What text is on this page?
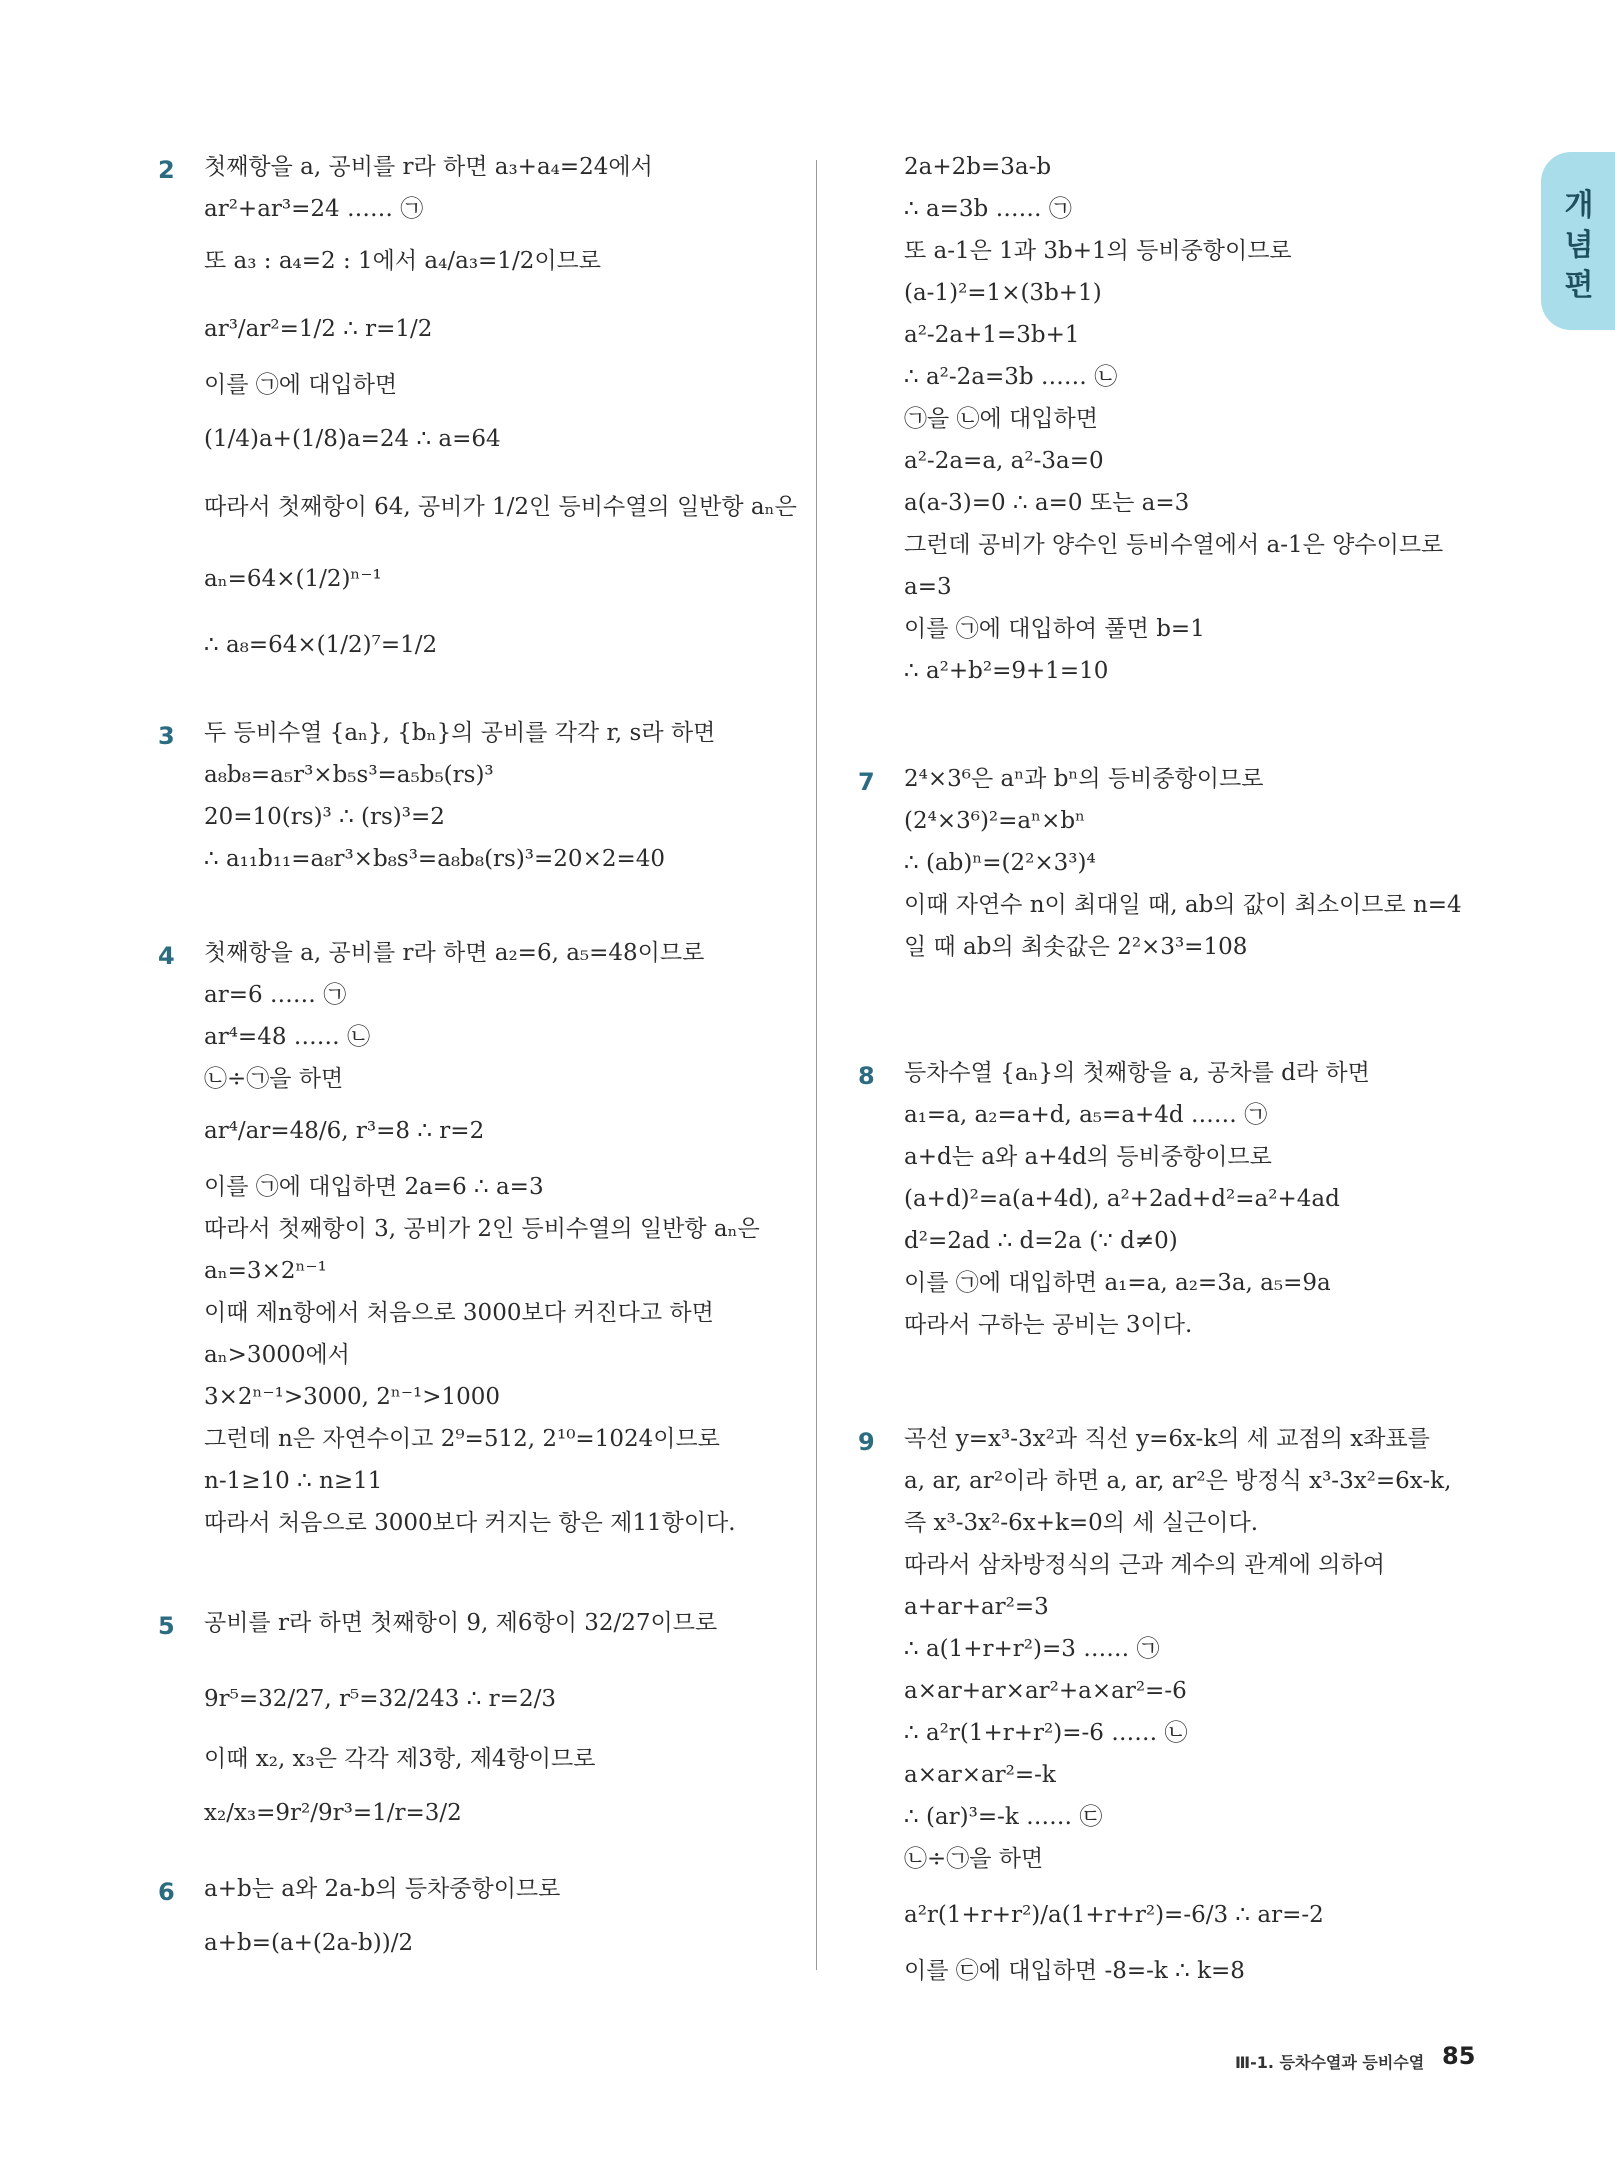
개념편
2 첫째항을 a, 공비를 r라 하면 a₃+a₄=24에서
ar²+ar³=24 …… ㉠
또 a₃ : a₄=2 : 1에서 a₄/a₃=1/2이므로
ar³/ar²=1/2 ∴ r=1/2
이를 ㉠에 대입하면
(1/4)a+(1/8)a=24 ∴ a=64
따라서 첫째항이 64, 공비가 1/2인 등비수열의 일반항 aₙ은
aₙ=64×(1/2)ⁿ⁻¹
∴ a₈=64×(1/2)⁷=1/2
3 두 등비수열 {aₙ}, {bₙ}의 공비를 각각 r, s라 하면
a₈b₈=a₅r³×b₅s³=a₅b₅(rs)³
20=10(rs)³ ∴ (rs)³=2
∴ a₁₁b₁₁=a₈r³×b₈s³=a₈b₈(rs)³=20×2=40
4 첫째항을 a, 공비를 r라 하면 a₂=6, a₅=48이므로
ar=6 …… ㉠
ar⁴=48 …… ㉡
㉡÷㉠을 하면
ar⁴/ar=48/6, r³=8 ∴ r=2
이를 ㉠에 대입하면 2a=6 ∴ a=3
따라서 첫째항이 3, 공비가 2인 등비수열의 일반항 aₙ은
aₙ=3×2ⁿ⁻¹
이때 제n항에서 처음으로 3000보다 커진다고 하면
aₙ>3000에서
3×2ⁿ⁻¹>3000, 2ⁿ⁻¹>1000
그런데 n은 자연수이고 2⁹=512, 2¹⁰=1024이므로
n-1≥10 ∴ n≥11
따라서 처음으로 3000보다 커지는 항은 제11항이다.
5 공비를 r라 하면 첫째항이 9, 제6항이 32/27이므로
9r⁵=32/27, r⁵=32/243 ∴ r=2/3
이때 x₂, x₃은 각각 제3항, 제4항이므로
x₂/x₃=9r²/9r³=1/r=3/2
6 a+b는 a와 2a-b의 등차중항이므로
a+b=(a+(2a-b))/2
2a+2b=3a-b
∴ a=3b …… ㉠
또 a-1은 1과 3b+1의 등비중항이므로
(a-1)²=1×(3b+1)
a²-2a+1=3b+1
∴ a²-2a=3b …… ㉡
㉠을 ㉡에 대입하면
a²-2a=a, a²-3a=0
a(a-3)=0 ∴ a=0 또는 a=3
그런데 공비가 양수인 등비수열에서 a-1은 양수이므로
a=3
이를 ㉠에 대입하여 풀면 b=1
∴ a²+b²=9+1=10
7 2⁴×3⁶은 aⁿ과 bⁿ의 등비중항이므로
(2⁴×3⁶)²=aⁿ×bⁿ
∴ (ab)ⁿ=(2²×3³)⁴
이때 자연수 n이 최대일 때, ab의 값이 최소이므로 n=4
일 때 ab의 최솟값은 2²×3³=108
8 등차수열 {aₙ}의 첫째항을 a, 공차를 d라 하면
a₁=a, a₂=a+d, a₅=a+4d …… ㉠
a+d는 a와 a+4d의 등비중항이므로
(a+d)²=a(a+4d), a²+2ad+d²=a²+4ad
d²=2ad ∴ d=2a (∵ d≠0)
이를 ㉠에 대입하면 a₁=a, a₂=3a, a₅=9a
따라서 구하는 공비는 3이다.
9 곡선 y=x³-3x²과 직선 y=6x-k의 세 교점의 x좌표를
a, ar, ar²이라 하면 a, ar, ar²은 방정식 x³-3x²=6x-k,
즉 x³-3x²-6x+k=0의 세 실근이다.
따라서 삼차방정식의 근과 계수의 관계에 의하여
a+ar+ar²=3
∴ a(1+r+r²)=3 …… ㉠
a×ar+ar×ar²+a×ar²=-6
∴ a²r(1+r+r²)=-6 …… ㉡
a×ar×ar²=-k
∴ (ar)³=-k …… ㉢
㉡÷㉠을 하면
a²r(1+r+r²)/a(1+r+r²)=-6/3 ∴ ar=-2
이를 ㉢에 대입하면 -8=-k ∴ k=8
Ⅲ-1. 등차수열과 등비수열 85
